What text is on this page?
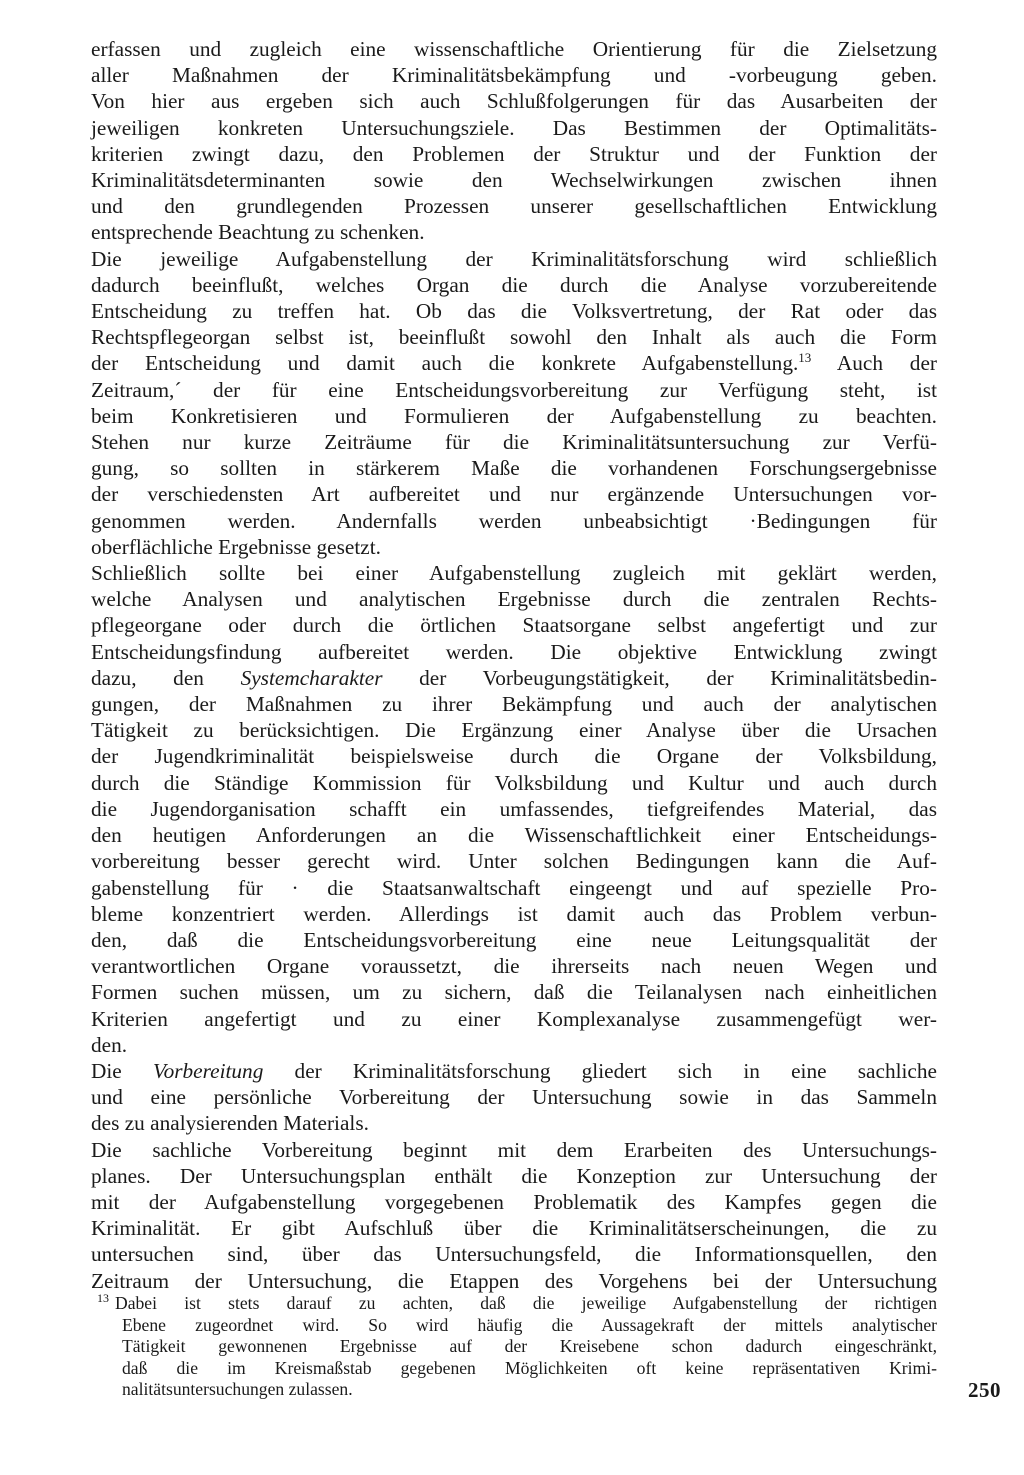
erfassen und zugleich eine wissenschaftliche Orientierung für die Zielsetzung
aller Maßnahmen der Kriminalitätsbekämpfung und -vorbeugung geben.
Von hier aus ergeben sich auch Schlußfolgerungen für das Ausarbeiten der
jeweiligen konkreten Untersuchungsziele. Das Bestimmen der Optimalitäts-
kriterien zwingt dazu, den Problemen der Struktur und der Funktion der
Kriminalitätsdeterminanten sowie den Wechselwirkungen zwischen ihnen
und den grundlegenden Prozessen unserer gesellschaftlichen Entwicklung
entsprechende Beachtung zu schenken.
Die jeweilige Aufgabenstellung der Kriminalitätsforschung wird schließlich
dadurch beeinflußt, welches Organ die durch die Analyse vorzubereitende
Entscheidung zu treffen hat. Ob das die Volksvertretung, der Rat oder das
Rechtspflegeorgan selbst ist, beeinflußt sowohl den Inhalt als auch die Form
der Entscheidung und damit auch die konkrete Aufgabenstellung.$^{13}$ Auch der
Zeitraum,´ der für eine Entscheidungsvorbereitung zur Verfügung steht, ist
beim Konkretisieren und Formulieren der Aufgabenstellung zu beachten.
Stehen nur kurze Zeiträume für die Kriminalitätsuntersuchung zur Verfü-
gung, so sollten in stärkerem Maße die vorhandenen Forschungsergebnisse
der verschiedensten Art aufbereitet und nur ergänzende Untersuchungen vor-
genommen werden. Andernfalls werden unbeabsichtigt ·Bedingungen für
oberflächliche Ergebnisse gesetzt.
Schließlich sollte bei einer Aufgabenstellung zugleich mit geklärt werden,
welche Analysen und analytischen Ergebnisse durch die zentralen Rechts-
pflegeorgane oder durch die örtlichen Staatsorgane selbst angefertigt und zur
Entscheidungsfindung aufbereitet werden. Die objektive Entwicklung zwingt
dazu, den Systemcharakter der Vorbeugungstätigkeit, der Kriminalitätsbedin-
gungen, der Maßnahmen zu ihrer Bekämpfung und auch der analytischen
Tätigkeit zu berücksichtigen. Die Ergänzung einer Analyse über die Ursachen
der Jugendkriminalität beispielsweise durch die Organe der Volksbildung,
durch die Ständige Kommission für Volksbildung und Kultur und auch durch
die Jugendorganisation schafft ein umfassendes, tiefgreifendes Material, das
den heutigen Anforderungen an die Wissenschaftlichkeit einer Entscheidungs-
vorbereitung besser gerecht wird. Unter solchen Bedingungen kann die Auf-
gabenstellung für · die Staatsanwaltschaft eingeengt und auf spezielle Pro-
bleme konzentriert werden. Allerdings ist damit auch das Problem verbun-
den, daß die Entscheidungsvorbereitung eine neue Leitungsqualität der
verantwortlichen Organe voraussetzt, die ihrerseits nach neuen Wegen und
Formen suchen müssen, um zu sichern, daß die Teilanalysen nach einheitlichen
Kriterien angefertigt und zu einer Komplexanalyse zusammengefügt wer-
den.
Die Vorbereitung der Kriminalitätsforschung gliedert sich in eine sachliche
und eine persönliche Vorbereitung der Untersuchung sowie in das Sammeln
des zu analysierenden Materials.
Die sachliche Vorbereitung beginnt mit dem Erarbeiten des Untersuchungs-
planes. Der Untersuchungsplan enthält die Konzeption zur Untersuchung der
mit der Aufgabenstellung vorgegebenen Problematik des Kampfes gegen die
Kriminalität. Er gibt Aufschluß über die Kriminalitätserscheinungen, die zu
untersuchen sind, über das Untersuchungsfeld, die Informationsquellen, den
Zeitraum der Untersuchung, die Etappen des Vorgehens bei der Untersuchung
$^{13}$ Dabei ist stets darauf zu achten, daß die jeweilige Aufgabenstellung der richtigen
Ebene zugeordnet wird. So wird häufig die Aussagekraft der mittels analytischer
Tätigkeit gewonnenen Ergebnisse auf der Kreisebene schon dadurch eingeschränkt,
daß die im Kreismaßstab gegebenen Möglichkeiten oft keine repräsentativen Krimi-
nalitätsuntersuchungen zulassen.	250
